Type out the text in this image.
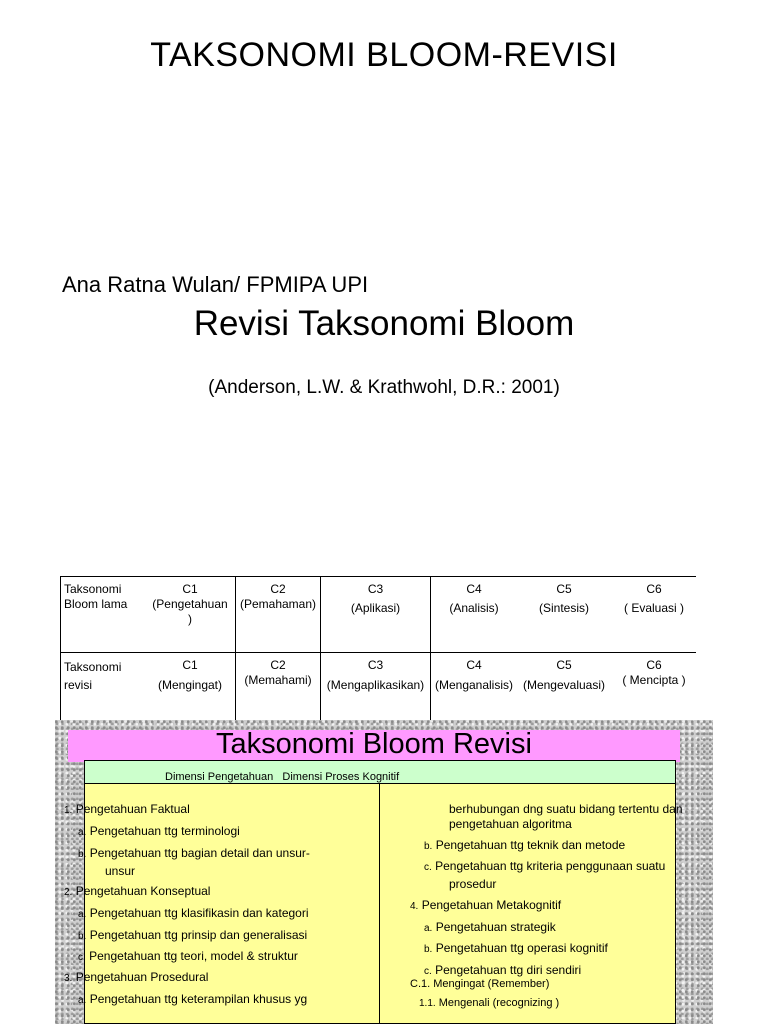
TAKSONOMI BLOOM-REVISI
Ana Ratna Wulan/ FPMIPA UPI
Revisi Taksonomi Bloom
(Anderson, L.W. & Krathwohl, D.R.: 2001)
Taksonomi
Bloom lama
C1
(Pengetahuan
)
C2
(Pemahaman)
C3
(Aplikasi)
C4
(Analisis)
C5
(Sintesis)
C6
( Evaluasi )
Taksonomi
revisi
C1
(Mengingat)
C2
(Memahami)
C3
(Mengaplikasikan)
C4
(Menganalisis)
C5
(Mengevaluasi)
C6
( Mencipta )
Taksonomi Bloom Revisi
Dimensi Pengetahuan   Dimensi Proses Kognitif
1. Pengetahuan Faktual
a. Pengetahuan ttg terminologi
b. Pengetahuan ttg bagian detail dan unsur-
unsur
2. Pengetahuan Konseptual
a. Pengetahuan ttg klasifikasin dan kategori
b. Pengetahuan ttg prinsip dan generalisasi
c. Pengetahuan ttg teori, model & struktur
3. Pengetahuan Prosedural
a. Pengetahuan ttg keterampilan khusus yg
berhubungan dng suatu bidang tertentu dan
pengetahuan algoritma
b. Pengetahuan ttg teknik dan metode
c. Pengetahuan ttg kriteria penggunaan suatu
prosedur
4. Pengetahuan Metakognitif
a. Pengetahuan strategik
b. Pengetahuan ttg operasi kognitif
c. Pengetahuan ttg diri sendiri
C.1. Mengingat (Remember)
1.1. Mengenali (recognizing )
